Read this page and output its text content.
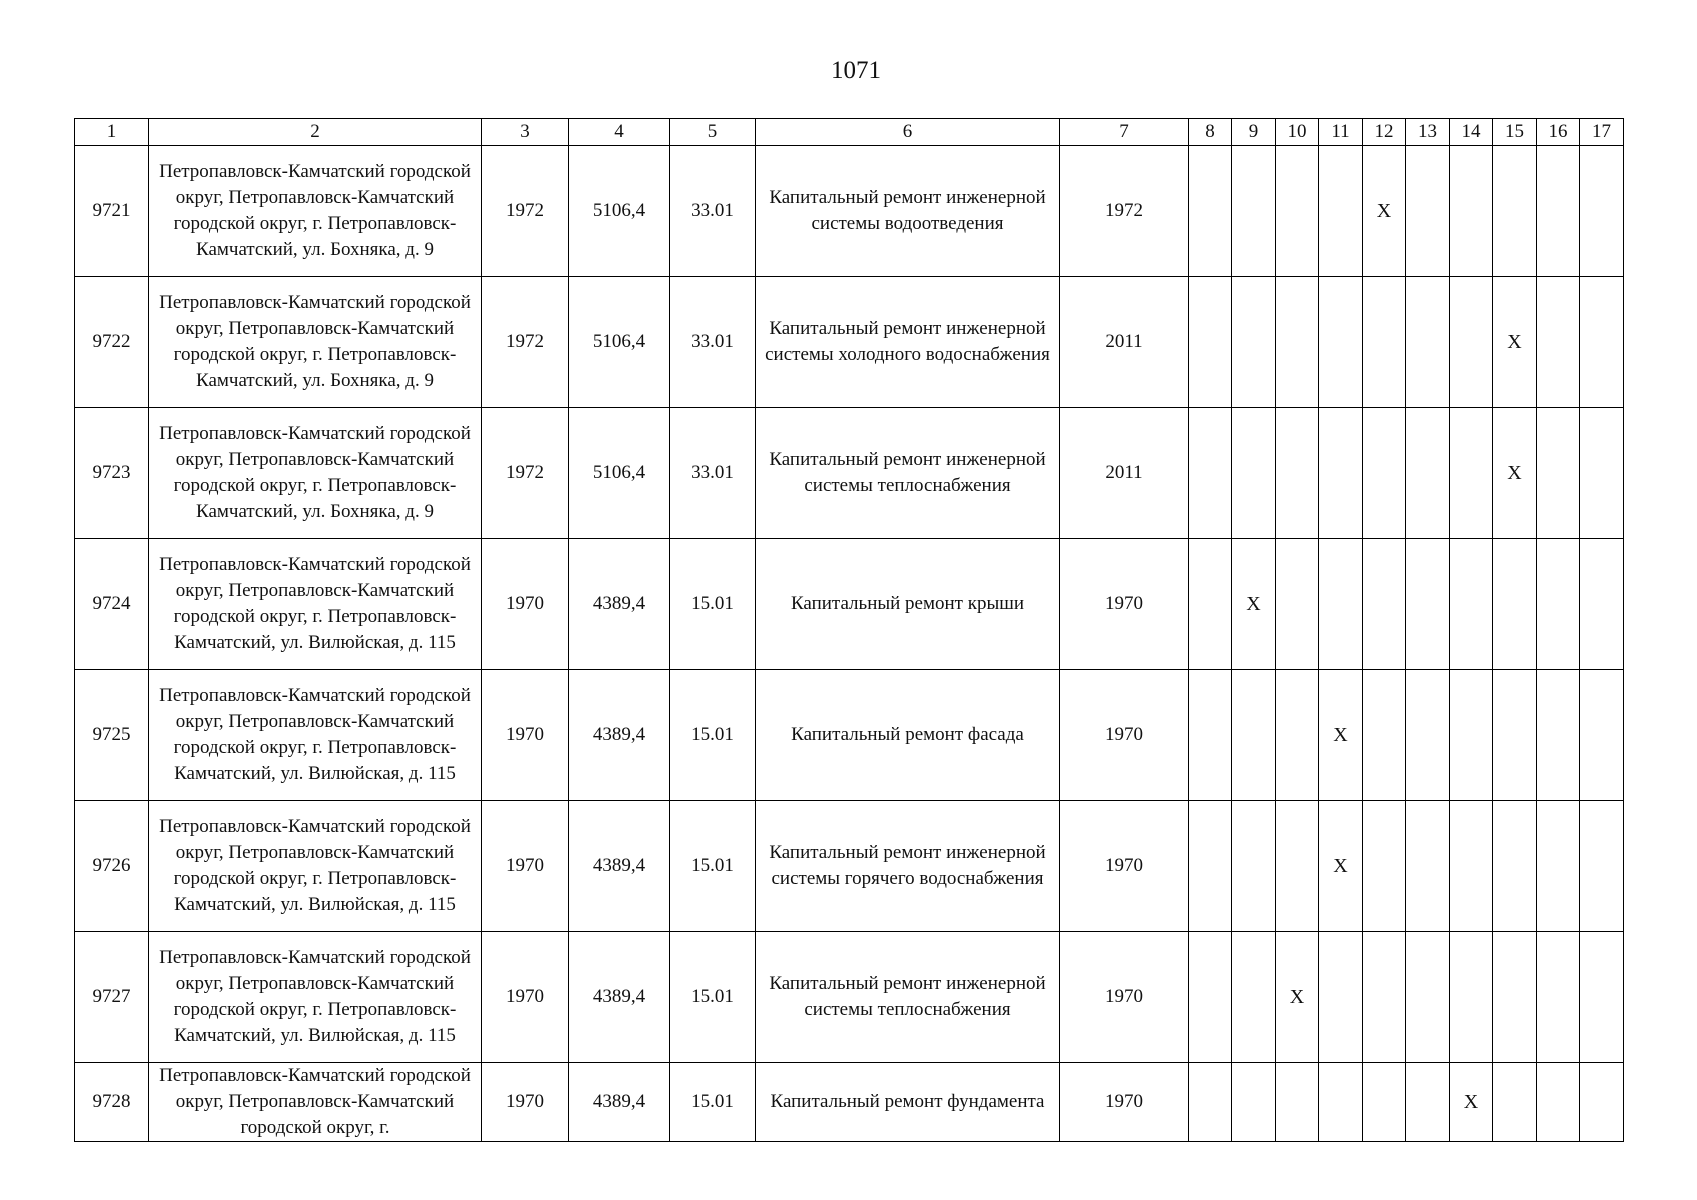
1071
1	2	3	4	5	6	7	8	9	10	11	12	13	14	15	16	17
9721	Петропавловск-Камчатский городской округ, Петропавловск-Камчатский городской округ, г. Петропавловск-Камчатский, ул. Бохняка, д. 9	1972	5106,4	33.01	Капитальный ремонт инженерной системы водоотведения	1972					X					
9722	Петропавловск-Камчатский городской округ, Петропавловск-Камчатский городской округ, г. Петропавловск-Камчатский, ул. Бохняка, д. 9	1972	5106,4	33.01	Капитальный ремонт инженерной системы холодного водоснабжения	2011								X		
9723	Петропавловск-Камчатский городской округ, Петропавловск-Камчатский городской округ, г. Петропавловск-Камчатский, ул. Бохняка, д. 9	1972	5106,4	33.01	Капитальный ремонт инженерной системы теплоснабжения	2011								X		
9724	Петропавловск-Камчатский городской округ, Петропавловск-Камчатский городской округ, г. Петропавловск-Камчатский, ул. Вилюйская, д. 115	1970	4389,4	15.01	Капитальный ремонт крыши	1970		X								
9725	Петропавловск-Камчатский городской округ, Петропавловск-Камчатский городской округ, г. Петропавловск-Камчатский, ул. Вилюйская, д. 115	1970	4389,4	15.01	Капитальный ремонт фасада	1970				X						
9726	Петропавловск-Камчатский городской округ, Петропавловск-Камчатский городской округ, г. Петропавловск-Камчатский, ул. Вилюйская, д. 115	1970	4389,4	15.01	Капитальный ремонт инженерной системы горячего водоснабжения	1970				X						
9727	Петропавловск-Камчатский городской округ, Петропавловск-Камчатский городской округ, г. Петропавловск-Камчатский, ул. Вилюйская, д. 115	1970	4389,4	15.01	Капитальный ремонт инженерной системы теплоснабжения	1970			X							
9728	Петропавловск-Камчатский городской округ, Петропавловск-Камчатский городской округ, г.	1970	4389,4	15.01	Капитальный ремонт фундамента	1970							X			
